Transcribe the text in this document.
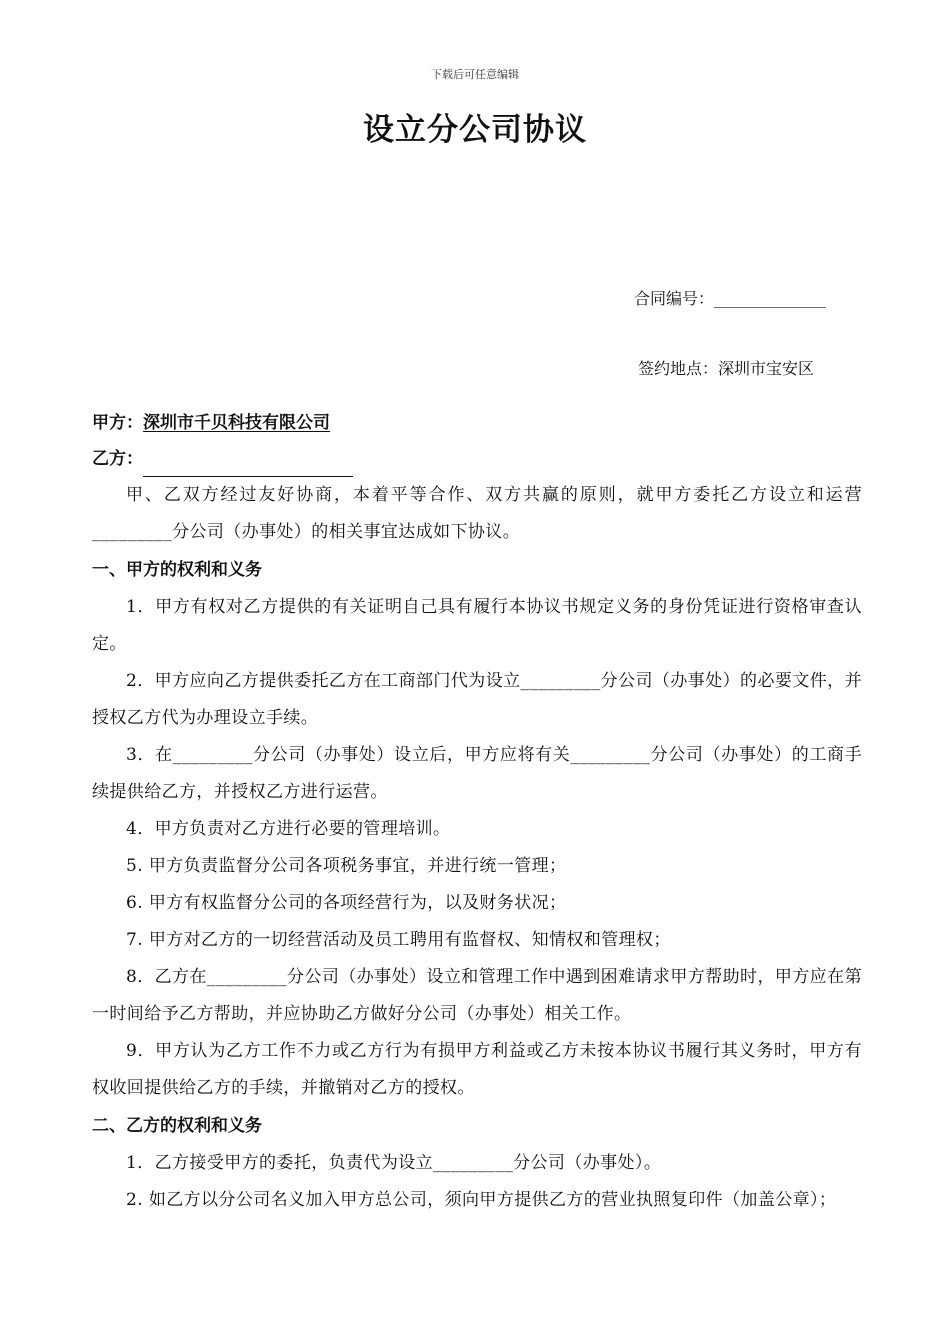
下载后可任意编辑
设立分公司协议
合同编号：______________
签约地点：深圳市宝安区
甲方：深圳市千贝科技有限公司
乙方：

甲、乙双方经过友好协商，本着平等合作、双方共赢的原则，就甲方委托乙方设立和运营_________分公司（办事处）的相关事宜达成如下协议。

一、甲方的权利和义务

1．甲方有权对乙方提供的有关证明自己具有履行本协议书规定义务的身份凭证进行资格审查认定。

2．甲方应向乙方提供委托乙方在工商部门代为设立_________分公司（办事处）的必要文件，并授权乙方代为办理设立手续。

3．在_________分公司（办事处）设立后，甲方应将有关_________分公司（办事处）的工商手续提供给乙方，并授权乙方进行运营。

4．甲方负责对乙方进行必要的管理培训。

5. 甲方负责监督分公司各项税务事宜，并进行统一管理；

6. 甲方有权监督分公司的各项经营行为，以及财务状况；

7. 甲方对乙方的一切经营活动及员工聘用有监督权、知情权和管理权；

8．乙方在_________分公司（办事处）设立和管理工作中遇到困难请求甲方帮助时，甲方应在第一时间给予乙方帮助，并应协助乙方做好分公司（办事处）相关工作。

9．甲方认为乙方工作不力或乙方行为有损甲方利益或乙方未按本协议书履行其义务时，甲方有权收回提供给乙方的手续，并撤销对乙方的授权。

二、乙方的权利和义务

1．乙方接受甲方的委托，负责代为设立_________分公司（办事处）。

2. 如乙方以分公司名义加入甲方总公司，须向甲方提供乙方的营业执照复印件（加盖公章）；
